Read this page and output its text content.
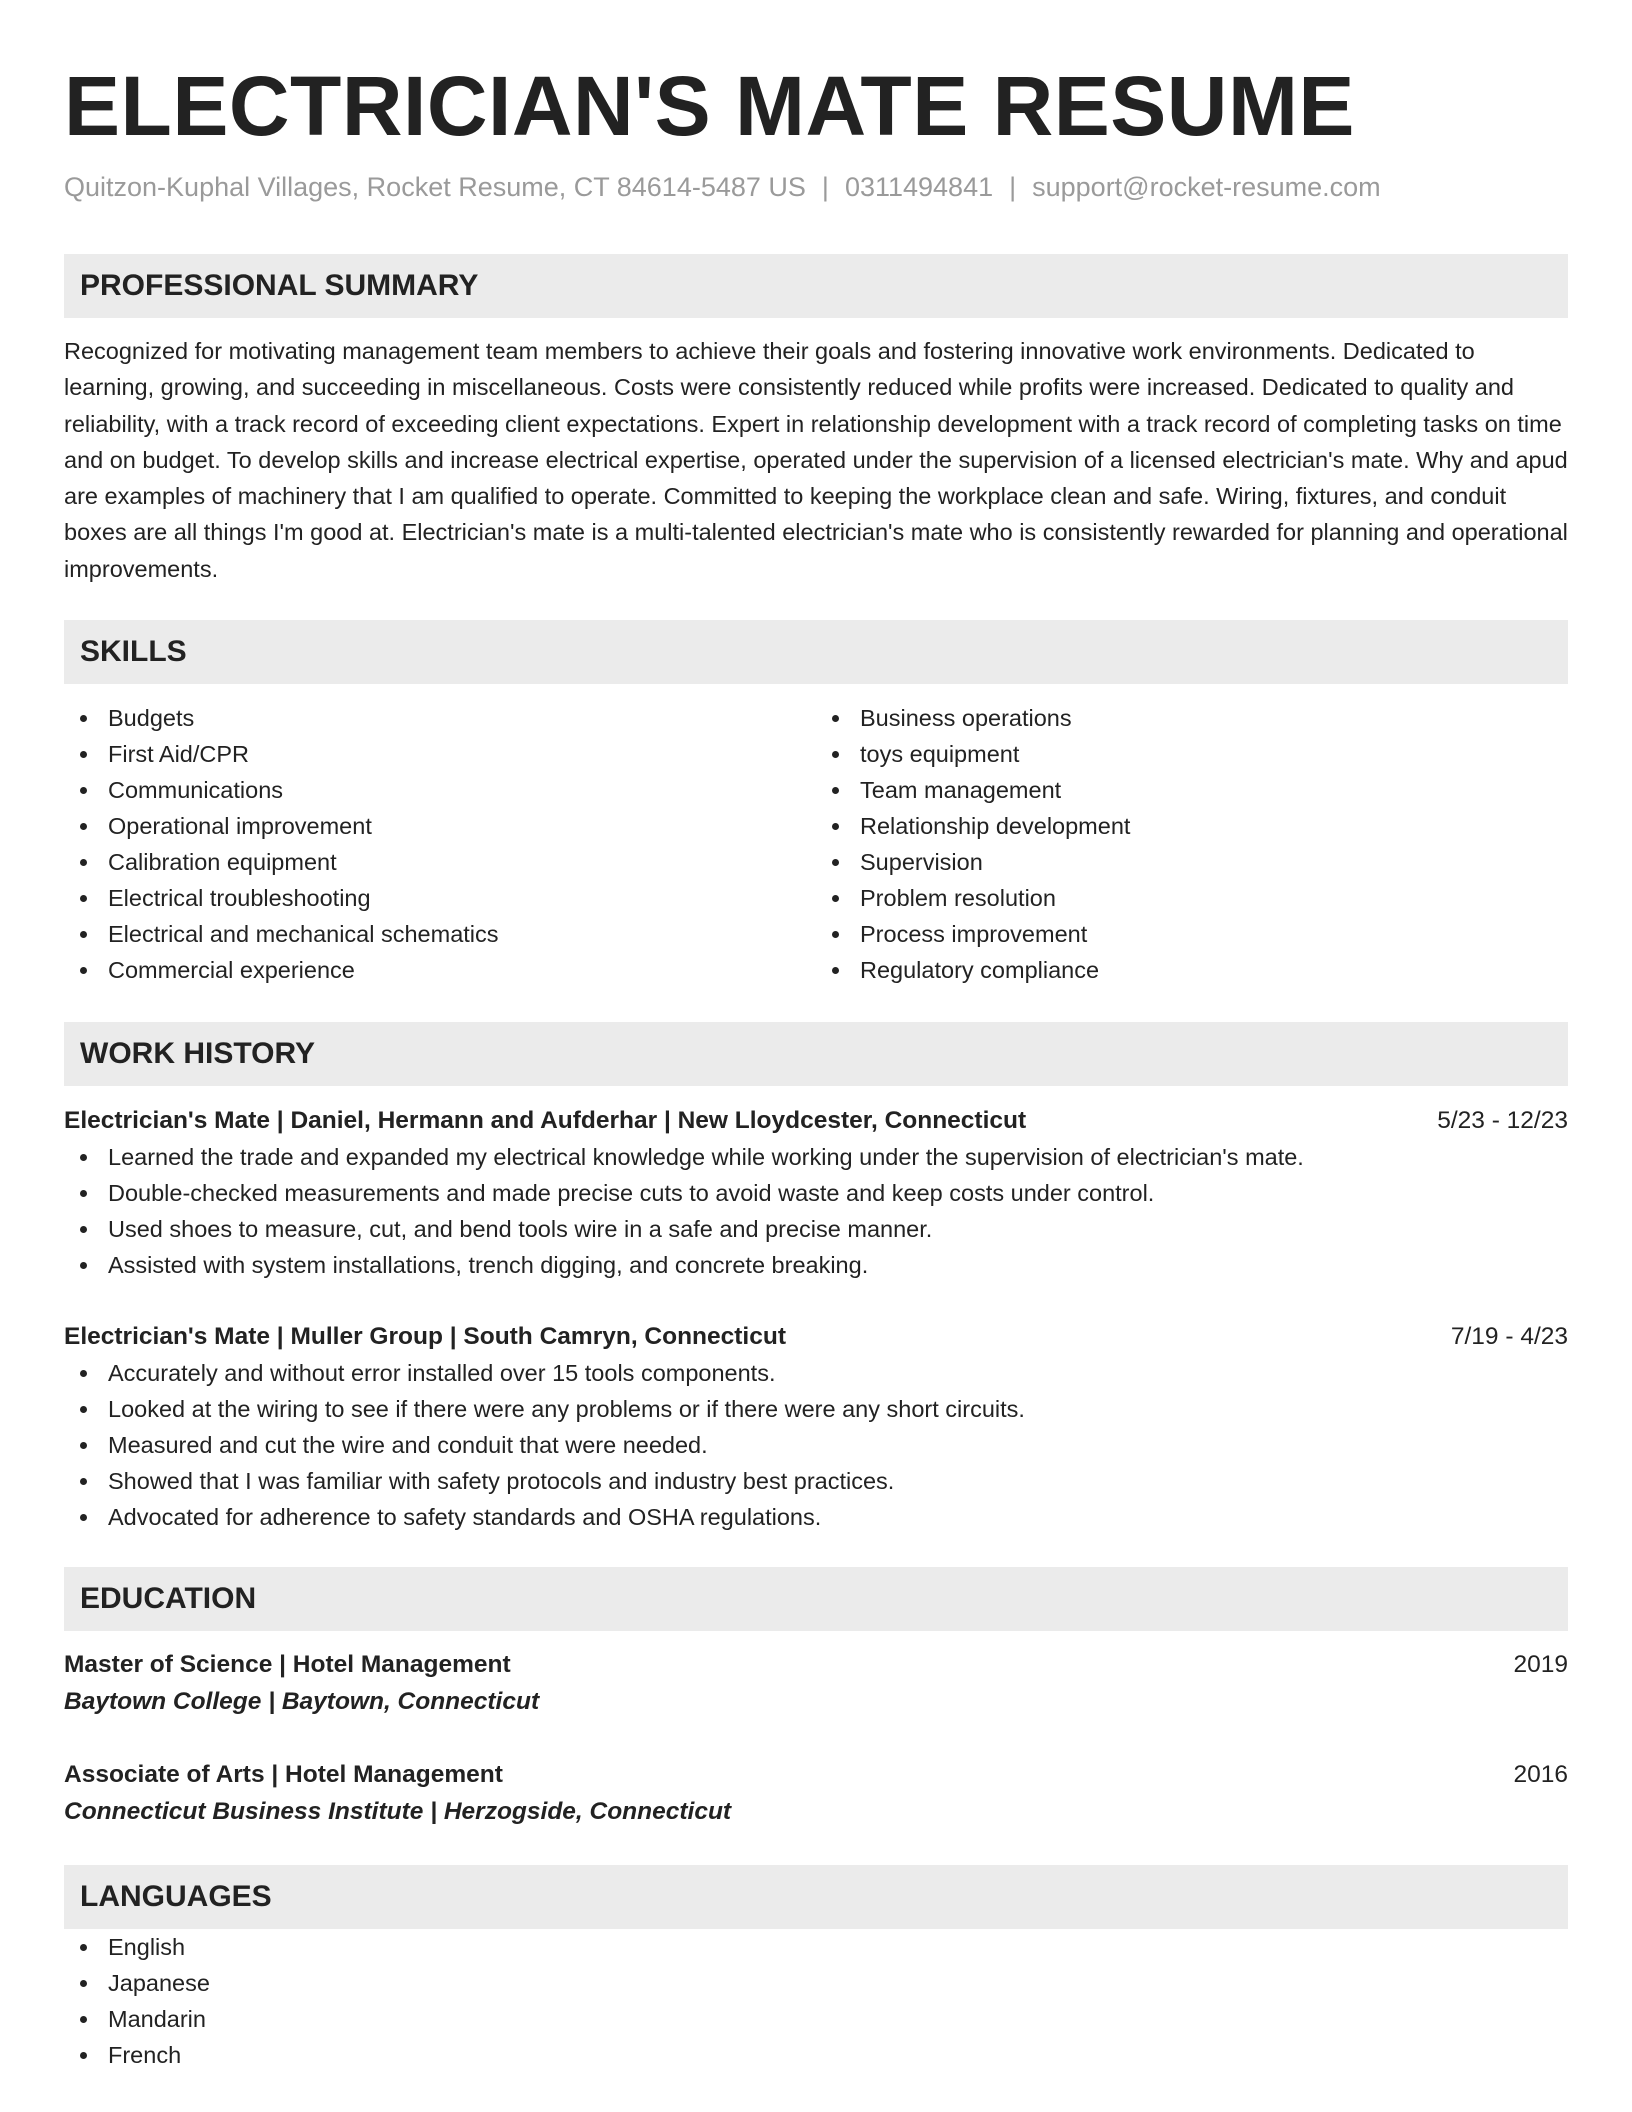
ELECTRICIAN'S MATE RESUME
Quitzon-Kuphal Villages, Rocket Resume, CT 84614-5487 US | 0311494841 | support@rocket-resume.com
PROFESSIONAL SUMMARY
Recognized for motivating management team members to achieve their goals and fostering innovative work environments. Dedicated to learning, growing, and succeeding in miscellaneous. Costs were consistently reduced while profits were increased. Dedicated to quality and reliability, with a track record of exceeding client expectations. Expert in relationship development with a track record of completing tasks on time and on budget. To develop skills and increase electrical expertise, operated under the supervision of a licensed electrician's mate. Why and apud are examples of machinery that I am qualified to operate. Committed to keeping the workplace clean and safe. Wiring, fixtures, and conduit boxes are all things I'm good at. Electrician's mate is a multi-talented electrician's mate who is consistently rewarded for planning and operational improvements.
SKILLS
Budgets
First Aid/CPR
Communications
Operational improvement
Calibration equipment
Electrical troubleshooting
Electrical and mechanical schematics
Commercial experience
Business operations
toys equipment
Team management
Relationship development
Supervision
Problem resolution
Process improvement
Regulatory compliance
WORK HISTORY
Electrician's Mate | Daniel, Hermann and Aufderhar | New Lloydcester, Connecticut	5/23 - 12/23
Learned the trade and expanded my electrical knowledge while working under the supervision of electrician's mate.
Double-checked measurements and made precise cuts to avoid waste and keep costs under control.
Used shoes to measure, cut, and bend tools wire in a safe and precise manner.
Assisted with system installations, trench digging, and concrete breaking.
Electrician's Mate | Muller Group | South Camryn, Connecticut	7/19 - 4/23
Accurately and without error installed over 15 tools components.
Looked at the wiring to see if there were any problems or if there were any short circuits.
Measured and cut the wire and conduit that were needed.
Showed that I was familiar with safety protocols and industry best practices.
Advocated for adherence to safety standards and OSHA regulations.
EDUCATION
Master of Science | Hotel Management	2019
Baytown College | Baytown, Connecticut
Associate of Arts | Hotel Management	2016
Connecticut Business Institute | Herzogside, Connecticut
LANGUAGES
English
Japanese
Mandarin
French
